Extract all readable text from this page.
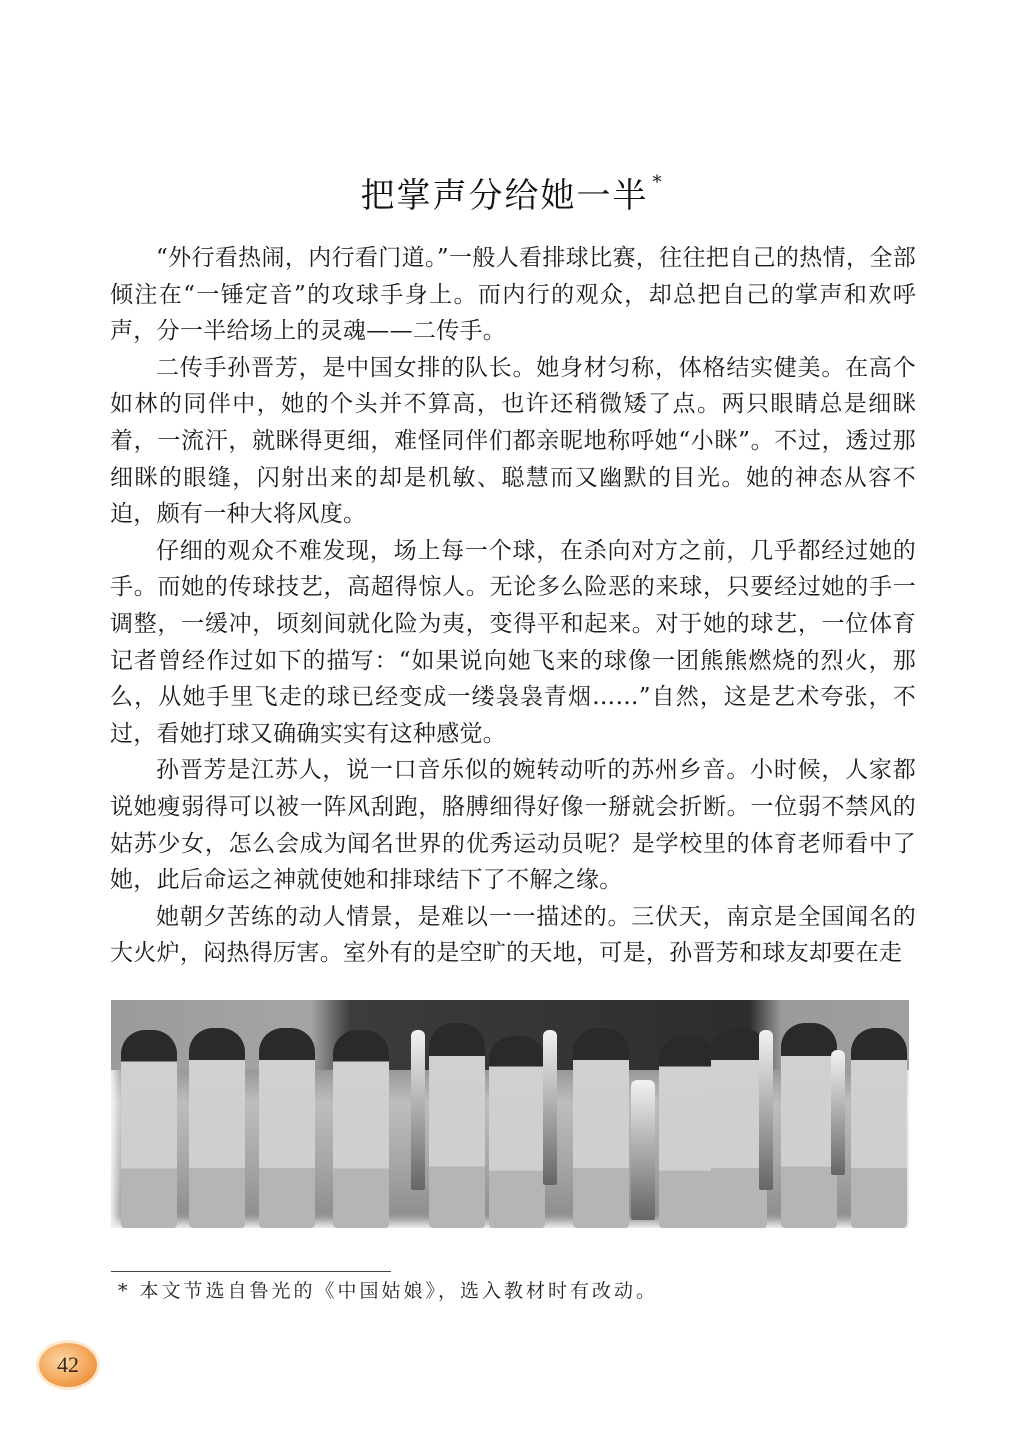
把掌声分给她一半 *

“外行看热闹，内行看门道。”一般人看排球比赛，往往把自己的热情，全部倾注在“一锤定音”的攻球手身上。而内行的观众，却总把自己的掌声和欢呼声，分一半给场上的灵魂——二传手。

二传手孙晋芳，是中国女排的队长。她身材匀称，体格结实健美。在高个如林的同伴中，她的个头并不算高，也许还稍微矮了点。两只眼睛总是细眯着，一流汗，就眯得更细，难怪同伴们都亲昵地称呼她“小眯”。不过，透过那细眯的眼缝，闪射出来的却是机敏、聪慧而又幽默的目光。她的神态从容不迫，颇有一种大将风度。

仔细的观众不难发现，场上每一个球，在杀向对方之前，几乎都经过她的手。而她的传球技艺，高超得惊人。无论多么险恶的来球，只要经过她的手一调整，一缓冲，顷刻间就化险为夷，变得平和起来。对于她的球艺，一位体育记者曾经作过如下的描写：“如果说向她飞来的球像一团熊熊燃烧的烈火，那么，从她手里飞走的球已经变成一缕袅袅青烟……”自然，这是艺术夸张，不过，看她打球又确确实实有这种感觉。

孙晋芳是江苏人，说一口音乐似的婉转动听的苏州乡音。小时候，人家都说她瘦弱得可以被一阵风刮跑，胳膊细得好像一掰就会折断。一位弱不禁风的姑苏少女，怎么会成为闻名世界的优秀运动员呢？是学校里的体育老师看中了她，此后命运之神就使她和排球结下了不解之缘。

她朝夕苦练的动人情景，是难以一一描述的。三伏天，南京是全国闻名的大火炉，闷热得厉害。室外有的是空旷的天地，可是，孙晋芳和球友却要在走

* 本文节选自鲁光的《中国姑娘》，选入教材时有改动。
42
